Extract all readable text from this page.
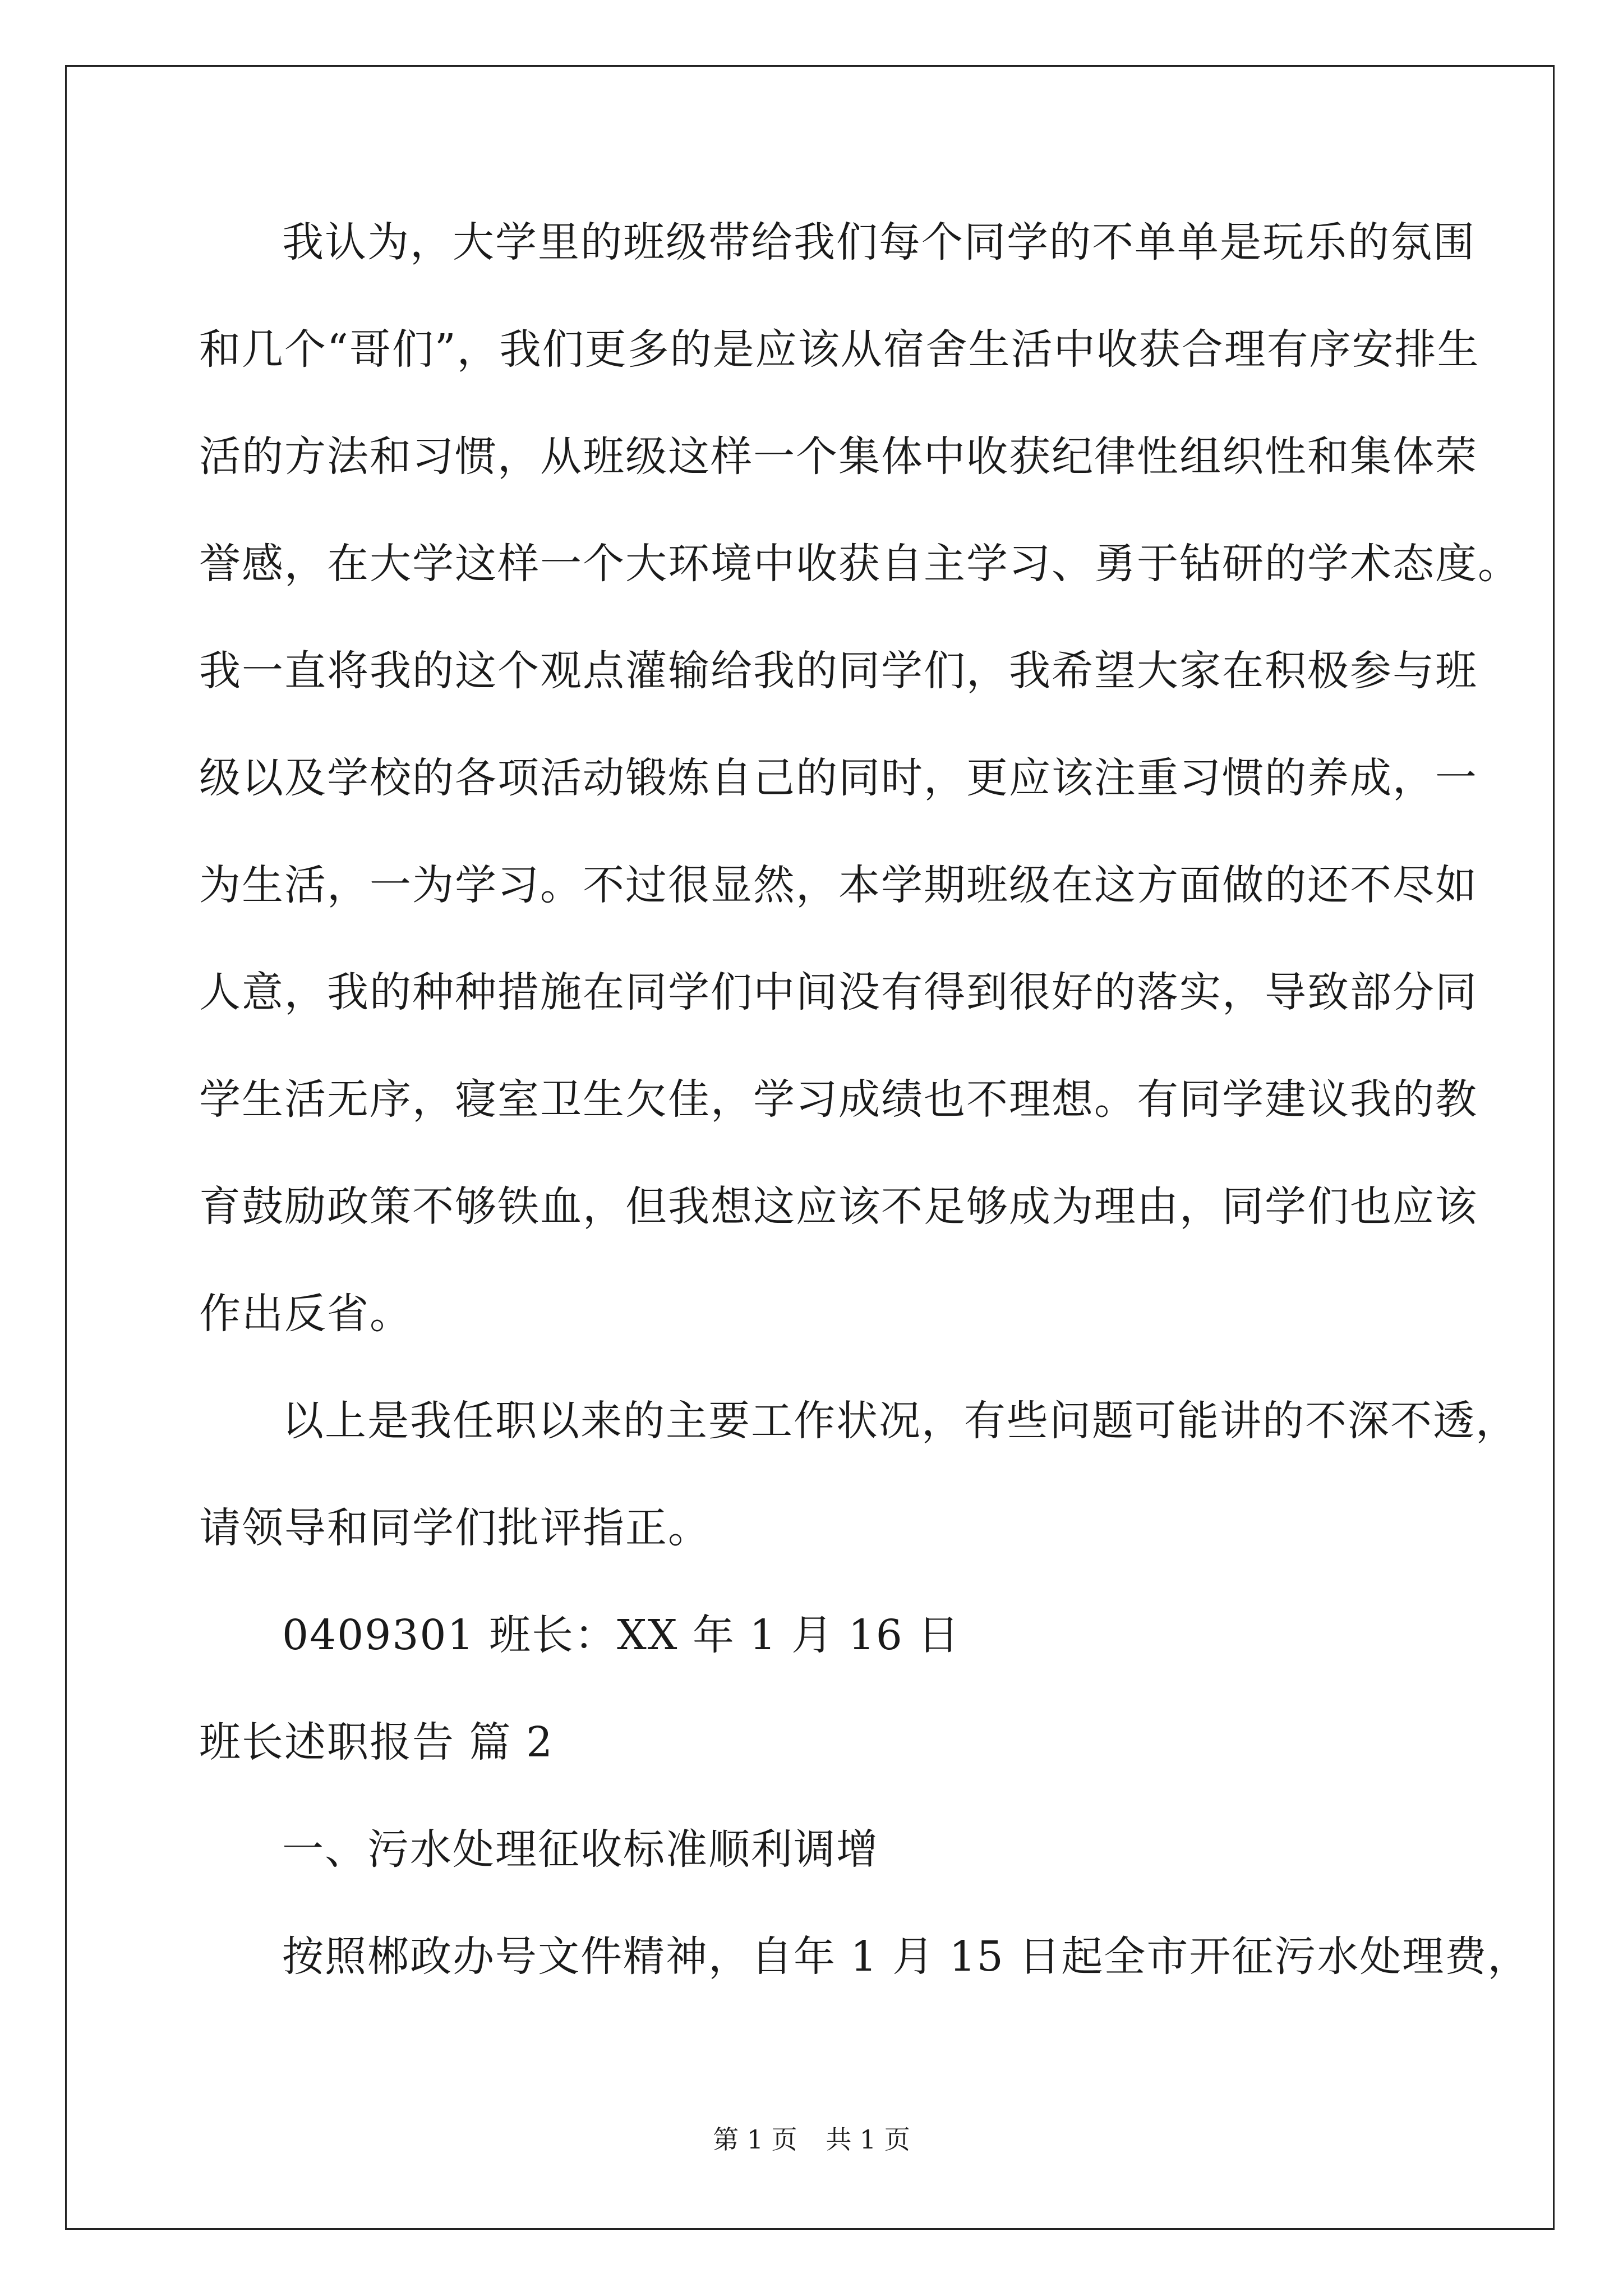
我认为，大学里的班级带给我们每个同学的不单单是玩乐的氛围
和几个“哥们”，我们更多的是应该从宿舍生活中收获合理有序安排生
活的方法和习惯，从班级这样一个集体中收获纪律性组织性和集体荣
誉感，在大学这样一个大环境中收获自主学习、勇于钻研的学术态度。
我一直将我的这个观点灌输给我的同学们，我希望大家在积极参与班
级以及学校的各项活动锻炼自己的同时，更应该注重习惯的养成，一
为生活，一为学习。不过很显然，本学期班级在这方面做的还不尽如
人意，我的种种措施在同学们中间没有得到很好的落实，导致部分同
学生活无序，寝室卫生欠佳，学习成绩也不理想。有同学建议我的教
育鼓励政策不够铁血，但我想这应该不足够成为理由，同学们也应该
作出反省。
以上是我任职以来的主要工作状况，有些问题可能讲的不深不透，
请领导和同学们批评指正。
0409301 班长：XX 年 1 月 16 日
班长述职报告 篇 2
一、污水处理征收标准顺利调增
按照郴政办号文件精神，自年 1 月 15 日起全市开征污水处理费，
第 1 页 共 1 页
